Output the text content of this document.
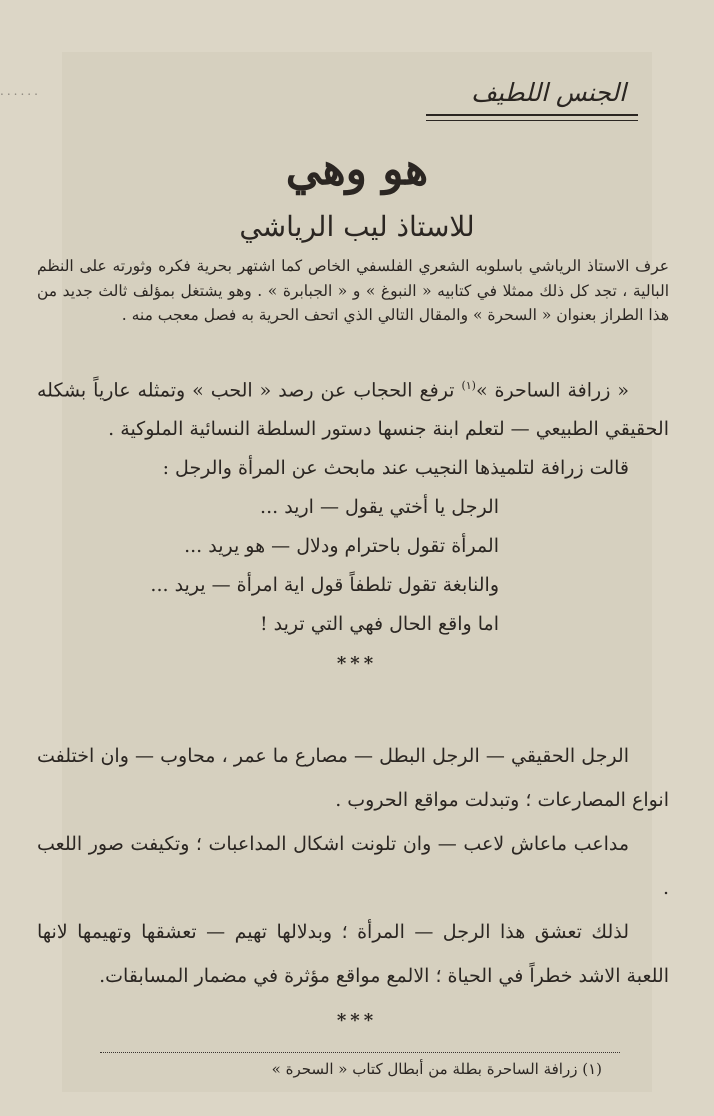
......	الجنس اللطيف
هو وهي
للاستاذ ليب الرياشي
عرف الاستاذ الرياشي باسلوبه الشعري الفلسفي الخاص كما اشتهر بحرية فكره وثورته على النظم البالية ، تجد كل ذلك ممثلا في كتابيه « النبوغ » و « الجبابرة » . وهو يشتغل بمؤلف ثالث جديد من هذا الطراز بعنوان « السحرة » والمقال التالي الذي اتحف الحرية به فصل معجب منه .

« زرافة الساحرة »$^{(١)}$ ترفع الحجاب عن رصد « الحب » وتمثله عارياً بشكله الحقيقي الطبيعي — لتعلم ابنة جنسها دستور السلطة النسائية الملوكية .

قالت زرافة لتلميذها النجيب عند مابحث عن المرأة والرجل :

الرجل يا أختي يقول — اريد ...

المرأة تقول باحترام ودلال — هو يريد ...

والنابغة تقول تلطفاً قول اية امرأة — يريد ...

اما واقع الحال فهي التي تريد !

***

الرجل الحقيقي — الرجل البطل — مصارع ما عمر ، محاوب — وان اختلفت انواع المصارعات ؛ وتبدلت مواقع الحروب .

مداعب ماعاش لاعب — وان تلونت اشكال المداعبات ؛ وتكيفت صور اللعب .

لذلك تعشق هذا الرجل — المرأة ؛ وبدلالها تهيم — تعشقها وتهيمها لانها اللعبة الاشد خطراً في الحياة ؛ الالمع مواقع مؤثرة في مضمار المسابقات.

***
(١) زرافة الساحرة بطلة من أبطال كتاب « السحرة »
